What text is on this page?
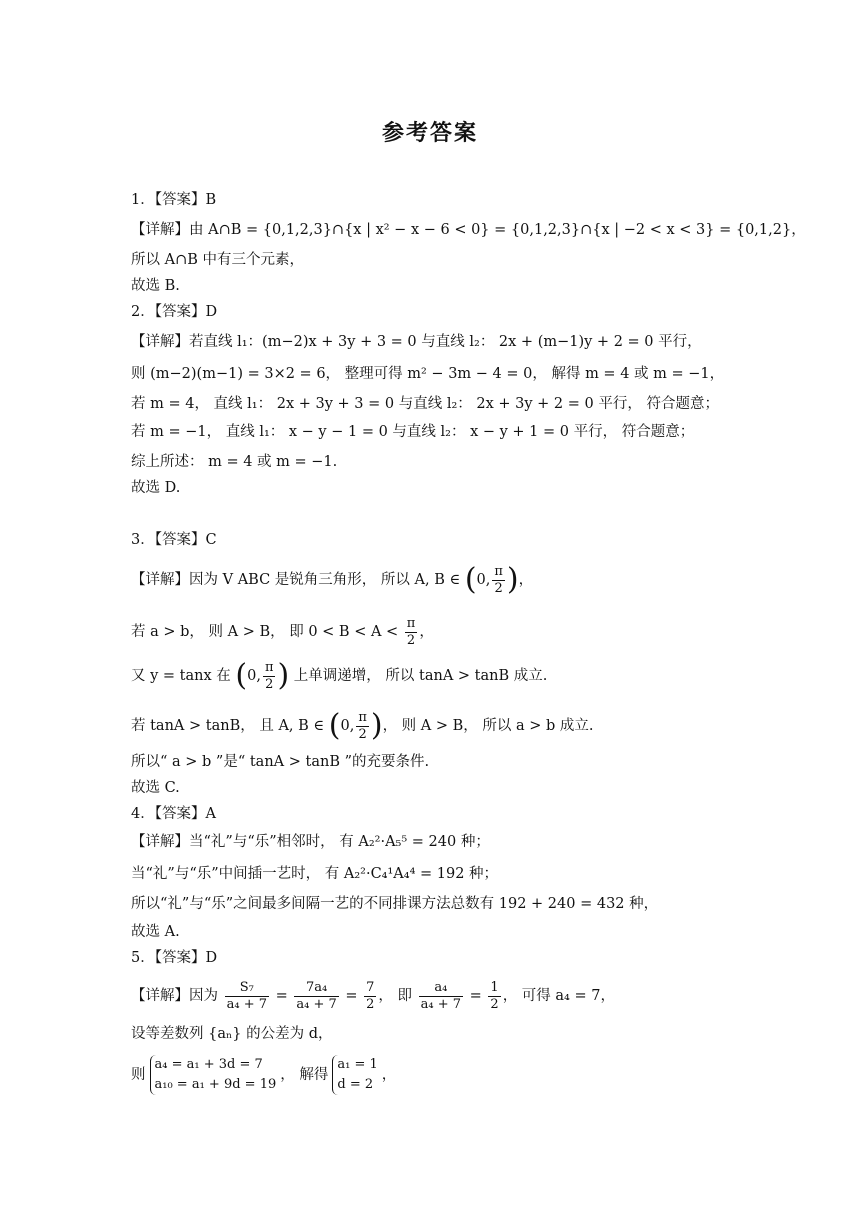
参考答案
1．【答案】B
【详解】由 A∩B = {0,1,2,3}∩{x | x² − x − 6 < 0} = {0,1,2,3}∩{x | −2 < x < 3} = {0,1,2}，
所以 A∩B 中有三个元素，
故选 B.
2．【答案】D
【详解】若直线 l₁：(m−2)x + 3y + 3 = 0 与直线 l₂： 2x + (m−1)y + 2 = 0 平行，
则 (m−2)(m−1) = 3×2 = 6， 整理可得 m² − 3m − 4 = 0， 解得 m = 4 或 m = −1，
若 m = 4， 直线 l₁： 2x + 3y + 3 = 0 与直线 l₂： 2x + 3y + 2 = 0 平行， 符合题意；
若 m = −1， 直线 l₁： x − y − 1 = 0 与直线 l₂： x − y + 1 = 0 平行， 符合题意；
综上所述： m = 4 或 m = −1.
故选 D.
3．【答案】C
【详解】因为 V ABC 是锐角三角形， 所以 A, B ∈ (0, $\frac{\pi}{2}$ )，
若 a > b， 则 A > B， 即 $0 < B < A < \frac{\pi}{2}$ ，
又 y = tanx 在 (0, $\frac{\pi}{2}$ ) 上单调递增， 所以 tanA > tanB 成立.
若 tanA > tanB， 且 A, B ∈ (0, $\frac{\pi}{2}$ )， 则 A > B， 所以 a > b 成立.
所以“ a > b ”是“ tanA > tanB ”的充要条件.
故选 C.
4．【答案】A
【详解】当“礼”与“乐”相邻时， 有 A₂²·A₅⁵ = 240 种；
当“礼”与“乐”中间插一艺时， 有 A₂²·C₄¹A₄⁴ = 192 种；
所以“礼”与“乐”之间最多间隔一艺的不同排课方法总数有 192 + 240 = 432 种，
故选 A.
5．【答案】D
【详解】因为 $\frac{\text{S₇}}{\text{a₄ + 7}} = \frac{\text{7a₄}}{\text{a₄ + 7}} = \frac{7}{2}$ ， 即 $\frac{\text{a₄}}{\text{a₄ + 7}} = \frac{1}{2}$ ， 可得 a₄ = 7，
设等差数列 {aₙ} 的公差为 d，
则
a₄ = a₁ + 3d = 7
a₁₀ = a₁ + 9d = 19
， 解得
a₁ = 1
d = 2
，
